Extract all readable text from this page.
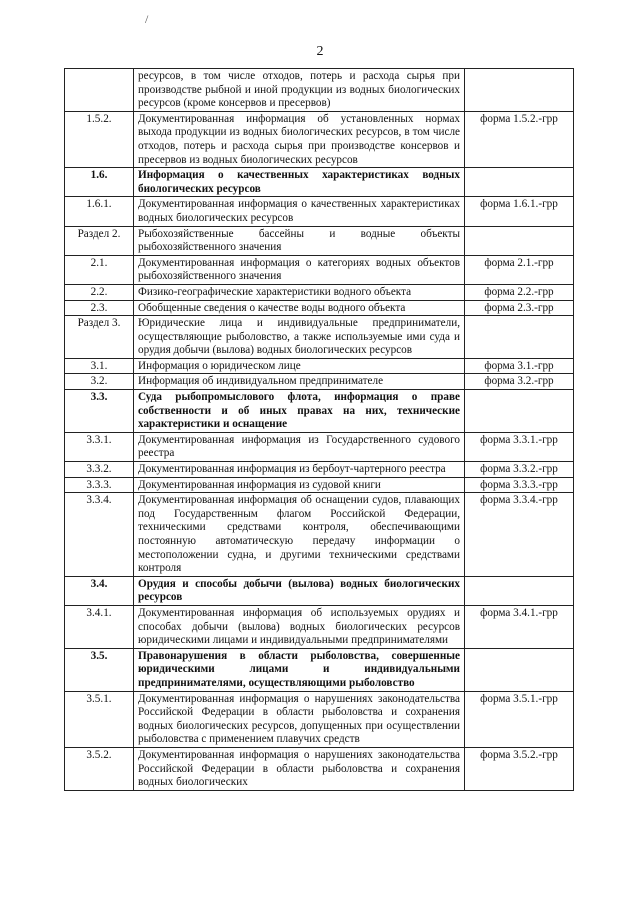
/
2
	ресурсов, в том числе отходов, потерь и расхода сырья при производстве рыбной и иной продукции из водных биологических ресурсов (кроме консервов и пресервов)	
1.5.2.	Документированная информация об установленных нормах выхода продукции из водных биологических ресурсов, в том числе отходов, потерь и расхода сырья при производстве консервов и пресервов из водных биологических ресурсов	форма 1.5.2.-грр
1.6.	Информация о качественных характеристиках водных биологических ресурсов	
1.6.1.	Документированная информация о качественных характеристиках водных биологических ресурсов	форма 1.6.1.-грр
Раздел 2.	Рыбохозяйственные бассейны и водные объекты рыбохозяйственного значения	
2.1.	Документированная информация о категориях водных объектов рыбохозяйственного значения	форма 2.1.-грр
2.2.	Физико-географические характеристики водного объекта	форма 2.2.-грр
2.3.	Обобщенные сведения о качестве воды водного объекта	форма 2.3.-грр
Раздел 3.	Юридические лица и индивидуальные предприниматели, осуществляющие рыболовство, а также используемые ими суда и орудия добычи (вылова) водных биологических ресурсов	
3.1.	Информация о юридическом лице	форма 3.1.-грр
3.2.	Информация об индивидуальном предпринимателе	форма 3.2.-грр
3.3.	Суда рыбопромыслового флота, информация о праве собственности и об иных правах на них, технические характеристики и оснащение	
3.3.1.	Документированная информация из Государственного судового реестра	форма 3.3.1.-грр
3.3.2.	Документированная информация из бербоут-чартерного реестра	форма 3.3.2.-грр
3.3.3.	Документированная информация из судовой книги	форма 3.3.3.-грр
3.3.4.	Документированная информация об оснащении судов, плавающих под Государственным флагом Российской Федерации, техническими средствами контроля, обеспечивающими постоянную автоматическую передачу информации о местоположении судна, и другими техническими средствами контроля	форма 3.3.4.-грр
3.4.	Орудия и способы добычи (вылова) водных биологических ресурсов	
3.4.1.	Документированная информация об используемых орудиях и способах добычи (вылова) водных биологических ресурсов юридическими лицами и индивидуальными предпринимателями	форма 3.4.1.-грр
3.5.	Правонарушения в области рыболовства, совершенные юридическими лицами и индивидуальными предпринимателями, осуществляющими рыболовство	
3.5.1.	Документированная информация о нарушениях законодательства Российской Федерации в области рыболовства и сохранения водных биологических ресурсов, допущенных при осуществлении рыболовства с применением плавучих средств	форма 3.5.1.-грр
3.5.2.	Документированная информация о нарушениях законодательства Российской Федерации в области рыболовства и сохранения водных биологических	форма 3.5.2.-грр
